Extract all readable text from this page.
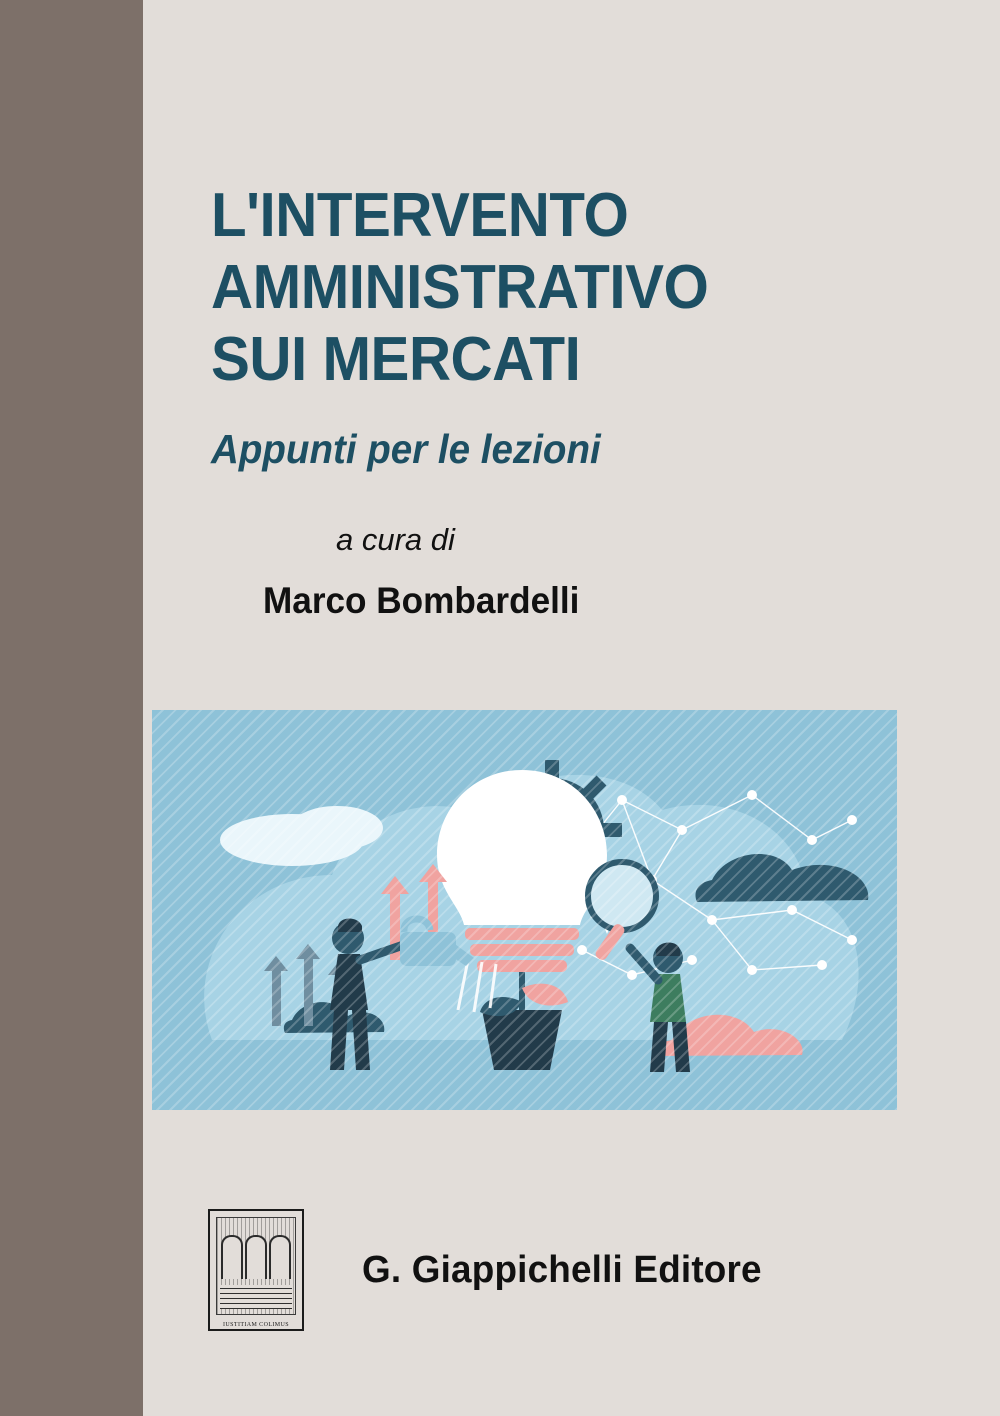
L'INTERVENTO
AMMINISTRATIVO
SUI MERCATI
Appunti per le lezioni
a cura di
Marco Bombardelli
IUSTITIAM COLIMUS
G. Giappichelli Editore
